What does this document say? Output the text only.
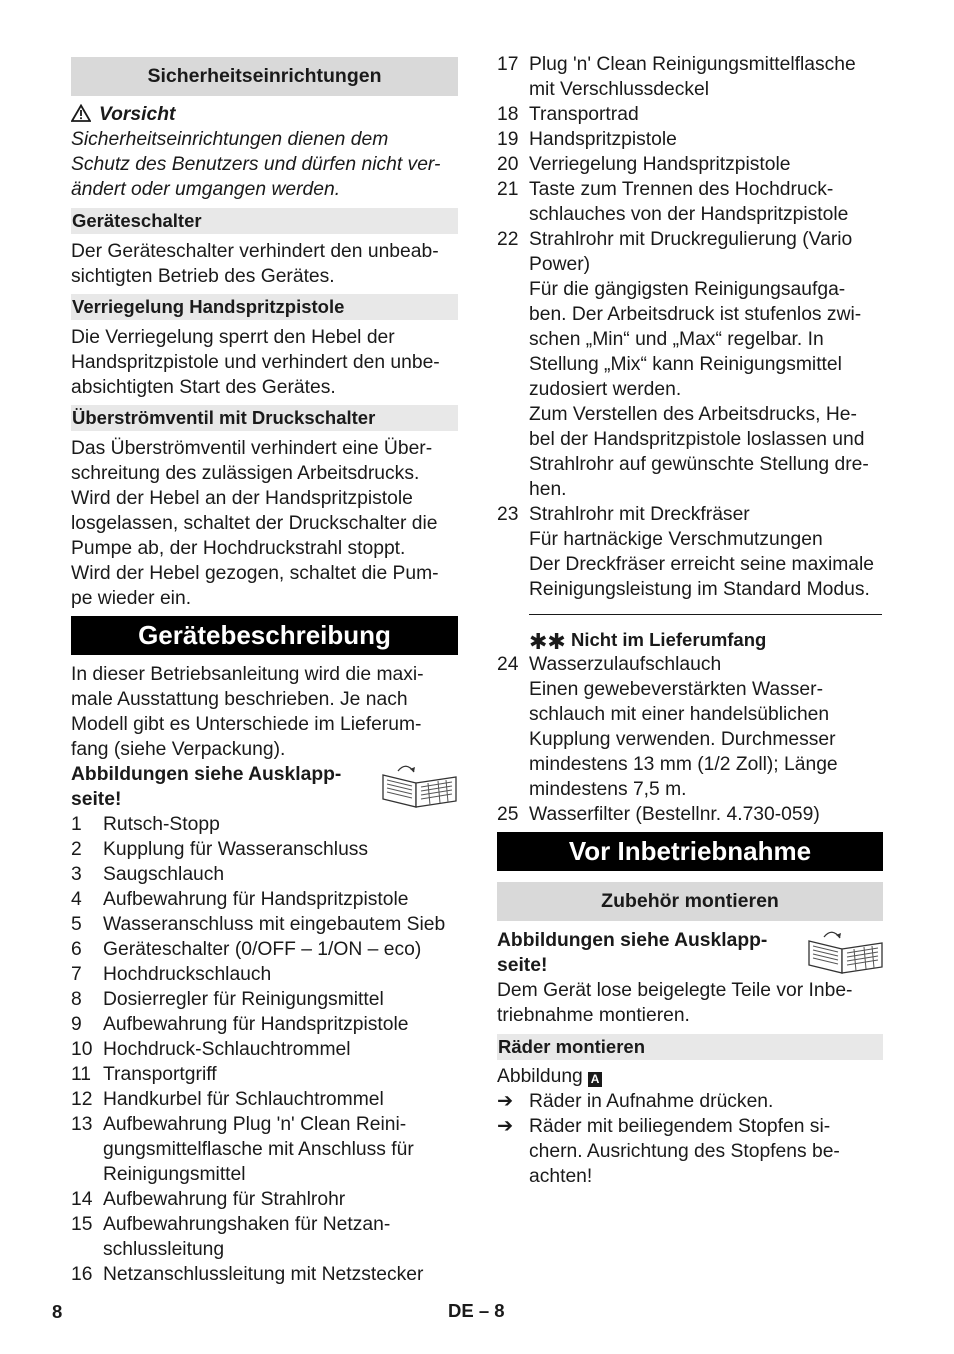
Sicherheitseinrichtungen
Vorsicht
Sicherheitseinrichtungen dienen dem
Schutz des Benutzers und dürfen nicht ver-
ändert oder umgangen werden.
Geräteschalter
Der Geräteschalter verhindert den unbeab-
sichtigten Betrieb des Gerätes.
Verriegelung Handspritzpistole
Die Verriegelung sperrt den Hebel der
Handspritzpistole und verhindert den unbe-
absichtigten Start des Gerätes.
Überströmventil mit Druckschalter
Das Überströmventil verhindert eine Über-
schreitung des zulässigen Arbeitsdrucks.
Wird der Hebel an der Handspritzpistole
losgelassen, schaltet der Druckschalter die
Pumpe ab, der Hochdruckstrahl stoppt.
Wird der Hebel gezogen, schaltet die Pum-
pe wieder ein.
Gerätebeschreibung
In dieser Betriebsanleitung wird die maxi-
male Ausstattung beschrieben. Je nach
Modell gibt es Unterschiede im Lieferum-
fang (siehe Verpackung).
Abbildungen siehe Ausklapp-
seite!
1	Rutsch-Stopp
2	Kupplung für Wasseranschluss
3	Saugschlauch
4	Aufbewahrung für Handspritzpistole
5	Wasseranschluss mit eingebautem Sieb
6	Geräteschalter (0/OFF – 1/ON – eco)
7	Hochdruckschlauch
8	Dosierregler für Reinigungsmittel
9	Aufbewahrung für Handspritzpistole
10 Hochdruck-Schlauchtrommel
11 Transportgriff
12 Handkurbel für Schlauchtrommel
13 Aufbewahrung Plug 'n' Clean Reini-
gungsmittelflasche mit Anschluss für
Reinigungsmittel
14 Aufbewahrung für Strahlrohr
15 Aufbewahrungshaken für Netzan-
schlussleitung
16 Netzanschlussleitung mit Netzstecker
17 Plug 'n' Clean Reinigungsmittelflasche
mit Verschlussdeckel
18 Transportrad
19 Handspritzpistole
20 Verriegelung Handspritzpistole
21 Taste zum Trennen des Hochdruck-
schlauches von der Handspritzpistole
22 Strahlrohr mit Druckregulierung (Vario
Power)
Für die gängigsten Reinigungsaufga-
ben. Der Arbeitsdruck ist stufenlos zwi-
schen „Min“ und „Max“ regelbar. In
Stellung „Mix“ kann Reinigungsmittel
zudosiert werden.
Zum Verstellen des Arbeitsdrucks, He-
bel der Handspritzpistole loslassen und
Strahlrohr auf gewünschte Stellung dre-
hen.
23 Strahlrohr mit Dreckfräser
Für hartnäckige Verschmutzungen
Der Dreckfräser erreicht seine maximale
Reinigungsleistung im Standard Modus.
✱✱ Nicht im Lieferumfang
24 Wasserzulaufschlauch
Einen gewebeverstärkten Wasser-
schlauch mit einer handelsüblichen
Kupplung verwenden. Durchmesser
mindestens 13 mm (1/2 Zoll); Länge
mindestens 7,5 m.
25 Wasserfilter (Bestellnr. 4.730-059)
Vor Inbetriebnahme
Zubehör montieren
Abbildungen siehe Ausklapp-
seite!
Dem Gerät lose beigelegte Teile vor Inbe-
triebnahme montieren.
Räder montieren
Abbildung A
➔ Räder in Aufnahme drücken.
➔ Räder mit beiliegendem Stopfen si-
chern. Ausrichtung des Stopfens be-
achten!
8	DE – 8
